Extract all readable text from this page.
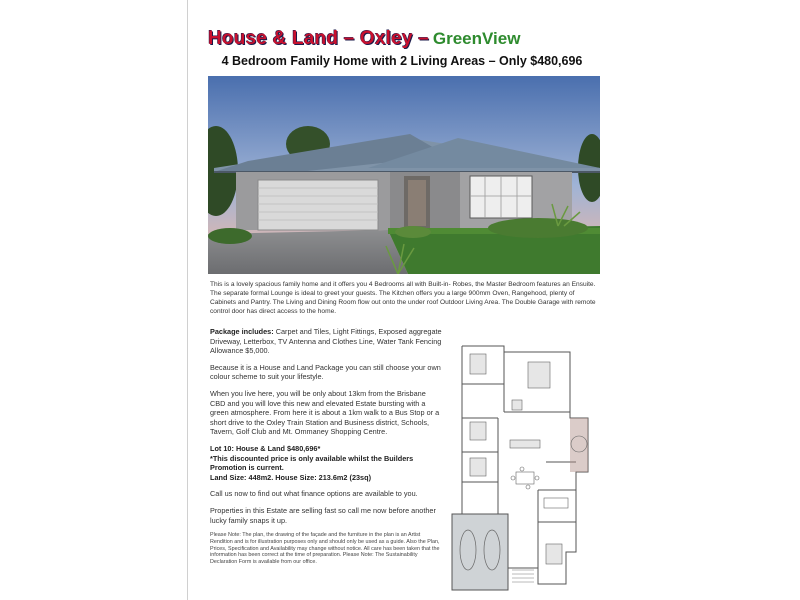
House & Land – Oxley – GreenView
4 Bedroom Family Home with 2 Living Areas – Only $480,696
This is a lovely spacious family home and it offers you 4 Bedrooms all with Built-in- Robes, the Master Bedroom features an Ensuite. The separate formal Lounge is ideal to greet your guests. The Kitchen offers you a large 900mm Oven, Rangehood, plenty of Cabinets and Pantry. The Living and Dining Room flow out onto the under roof Outdoor Living Area. The Double Garage with remote control door has direct access to the home.

Package includes: Carpet and Tiles, Light Fittings, Exposed aggregate Driveway, Letterbox, TV Antenna and Clothes Line, Water Tank Fencing Allowance $5,000.

Because it is a House and Land Package you can still choose your own colour scheme to suit your lifestyle.

When you live here, you will be only about 13km from the Brisbane CBD and you will love this new and elevated Estate bursting with a green atmosphere. From here it is about a 1km walk to a Bus Stop or a short drive to the Oxley Train Station and Business district, Schools, Tavern, Golf Club and Mt. Ommaney Shopping Centre.

Lot 10: House & Land $480,696*
*This discounted price is only available whilst the Builders Promotion is current.
Land Size: 448m2. House Size: 213.6m2 (23sq)

Call us now to find out what finance options are available to you.

Properties in this Estate are selling fast so call me now before another lucky family snaps it up.

Please Note: The plan, the drawing of the façade and the furniture in the plan is an Artist Rendition and is for illustration purposes only and should only be used as a guide. Also the Plan, Prices, Specification and Availability may change without notice. All care has been taken that the information has been correct at the time of preparation. Please Note: The Sustainability Declaration Form is available from our office.
